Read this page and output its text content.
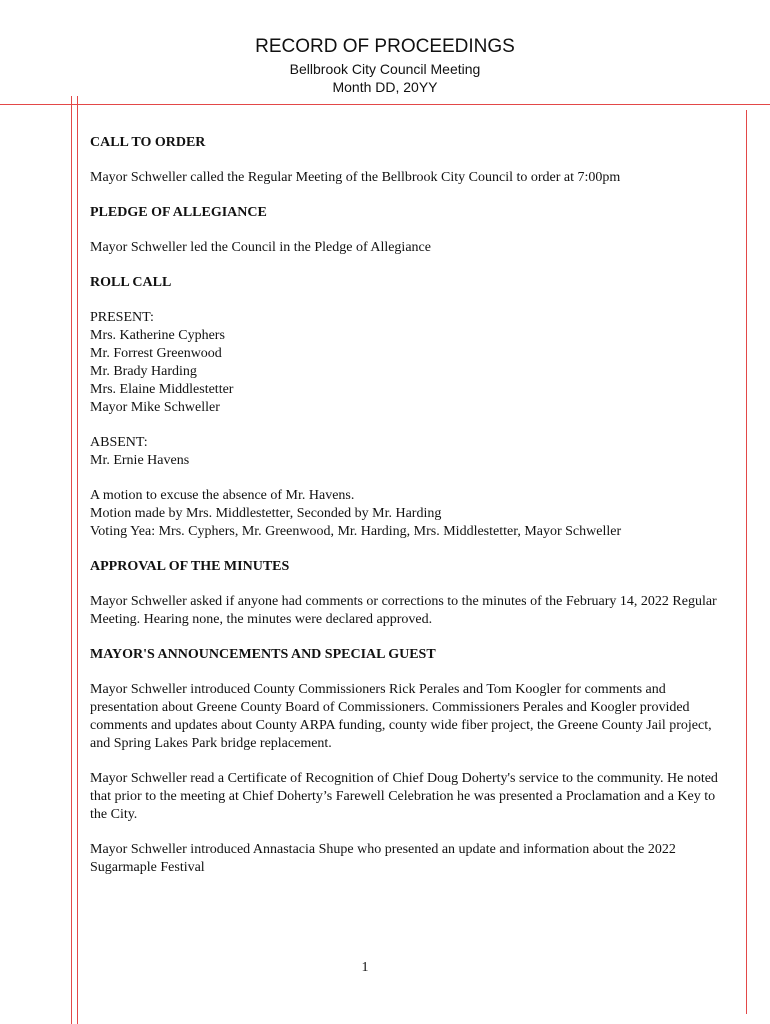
RECORD OF PROCEEDINGS
Bellbrook City Council Meeting
Month DD, 20YY

CALL TO ORDER

Mayor Schweller called the Regular Meeting of the Bellbrook City Council to order at 7:00pm

PLEDGE OF ALLEGIANCE

Mayor Schweller led the Council in the Pledge of Allegiance

ROLL CALL

PRESENT:

Mrs. Katherine Cyphers

Mr. Forrest Greenwood

Mr. Brady Harding

Mrs. Elaine Middlestetter

Mayor Mike Schweller

ABSENT:

Mr. Ernie Havens

A motion to excuse the absence of Mr. Havens.

Motion made by Mrs. Middlestetter, Seconded by Mr. Harding

Voting Yea: Mrs. Cyphers, Mr. Greenwood, Mr. Harding, Mrs. Middlestetter, Mayor Schweller

APPROVAL OF THE MINUTES

Mayor Schweller asked if anyone had comments or corrections to the minutes of the February 14, 2022 Regular Meeting. Hearing none, the minutes were declared approved.

MAYOR'S ANNOUNCEMENTS AND SPECIAL GUEST

Mayor Schweller introduced County Commissioners Rick Perales and Tom Koogler for comments and presentation about Greene County Board of Commissioners. Commissioners Perales and Koogler provided comments and updates about County ARPA funding, county wide fiber project, the Greene County Jail project, and Spring Lakes Park bridge replacement.

Mayor Schweller read a Certificate of Recognition of Chief Doug Doherty's service to the community. He noted that prior to the meeting at Chief Doherty’s Farewell Celebration he was presented a Proclamation and a Key to the City.

Mayor Schweller introduced Annastacia Shupe who presented an update and information about the 2022 Sugarmaple Festival

1
